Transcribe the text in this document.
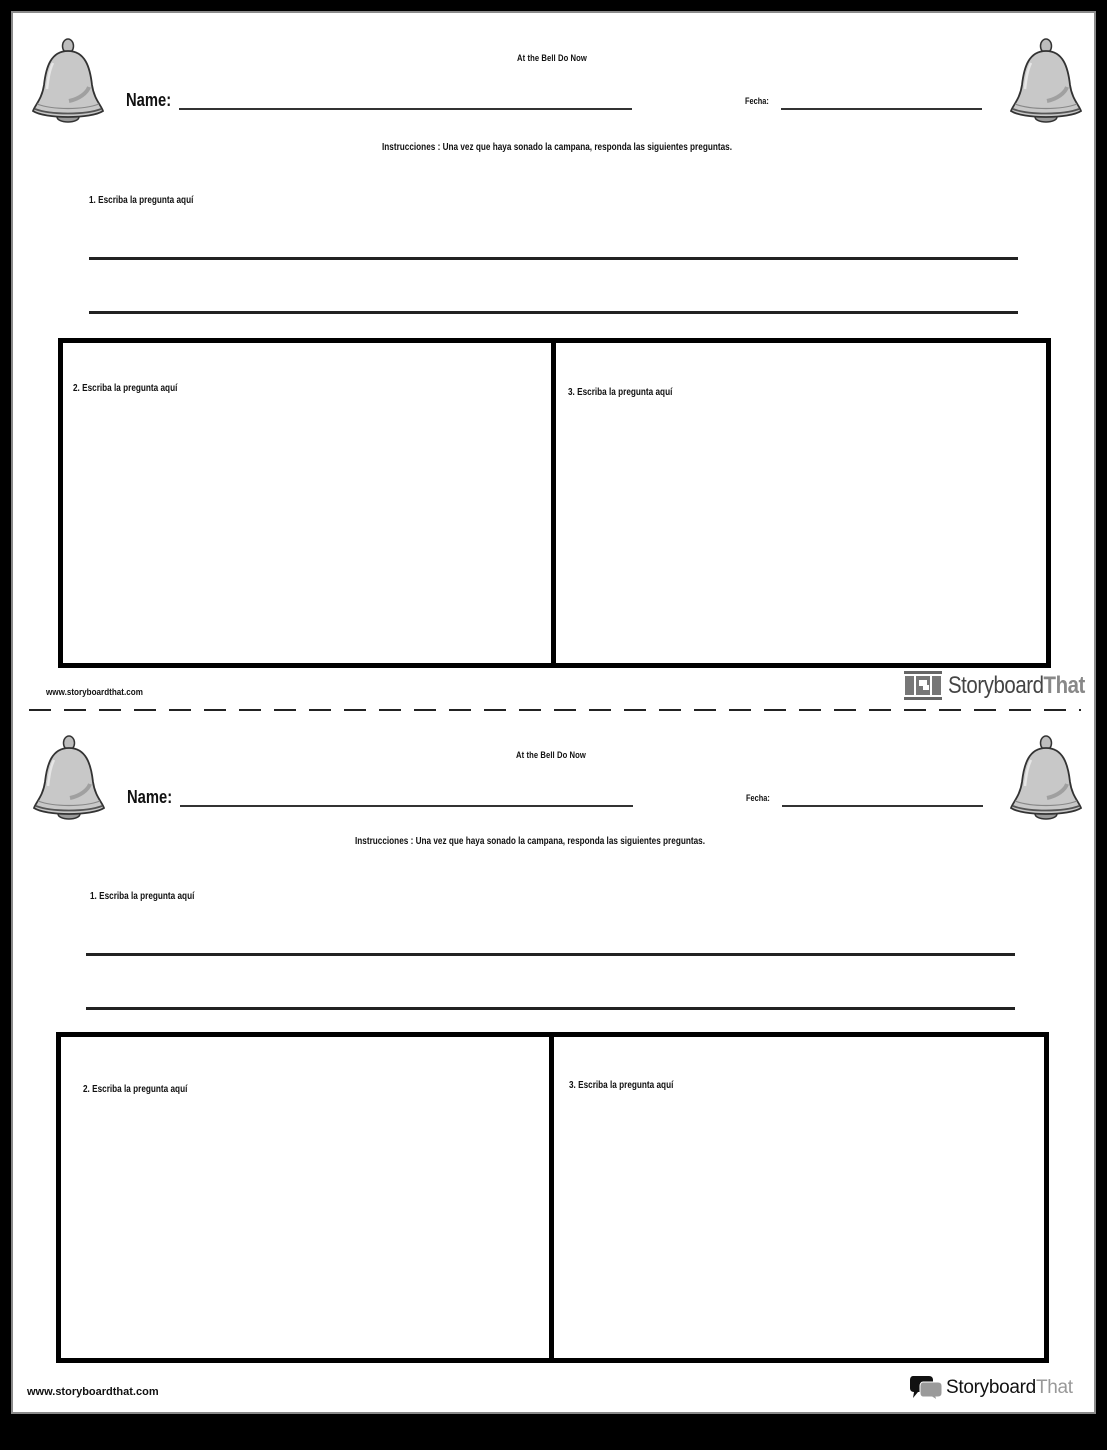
At the Bell Do Now
Name:	Fecha:
Instrucciones : Una vez que haya sonado la campana, responda las siguientes preguntas.
1. Escriba la pregunta aquí
2. Escriba la pregunta aquí	3. Escriba la pregunta aquí
www.storyboardthat.com	StoryboardThat
At the Bell Do Now
Name:	Fecha:
Instrucciones : Una vez que haya sonado la campana, responda las siguientes preguntas.
1. Escriba la pregunta aquí
2. Escriba la pregunta aquí	3. Escriba la pregunta aquí
www.storyboardthat.com	StoryboardThat
